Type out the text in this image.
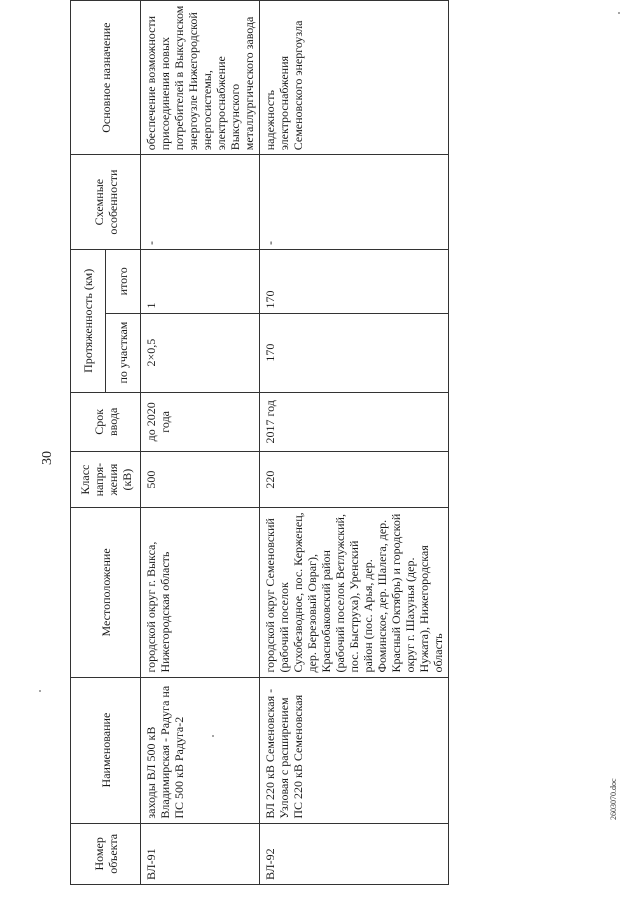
30
Номер объекта	Наименование	Местоположение	Класс напря-жения (кВ)	Срок ввода	Протяженность (км)		Схемные особенности	Основное назначение
					по участкам	итого		
ВЛ-91	заходы ВЛ 500 кВ Владимирская - Радуга на ПС 500 кВ Радуга-2	городской округ г. Выкса, Нижегородская область	500	до 2020 года	2×0,5	1	-	обеспечение возможности присоединения новых потребителей в Выксунском энергоузле Нижегородской энергосистемы, электроснабжение Выксунского металлургического завода
ВЛ-92	ВЛ 220 кВ Семеновская - Узловая с расширением ПС 220 кВ Семеновская	городской округ Семеновский (рабочий поселок Сухобезводное, пос. Керженец, дер. Березовый Овраг), Краснобаковский район (рабочий поселок Ветлужский, пос. Быструха), Уренский район (пос. Арья, дер. Фоминское, дер. Шалега, дер. Красный Октябрь) и городской округ г. Шахунья (дер. Нужата), Нижегородская область	220	2017 год	170	170	-	надежность электроснабжения Семеновского энергоузла
2603070.doc
